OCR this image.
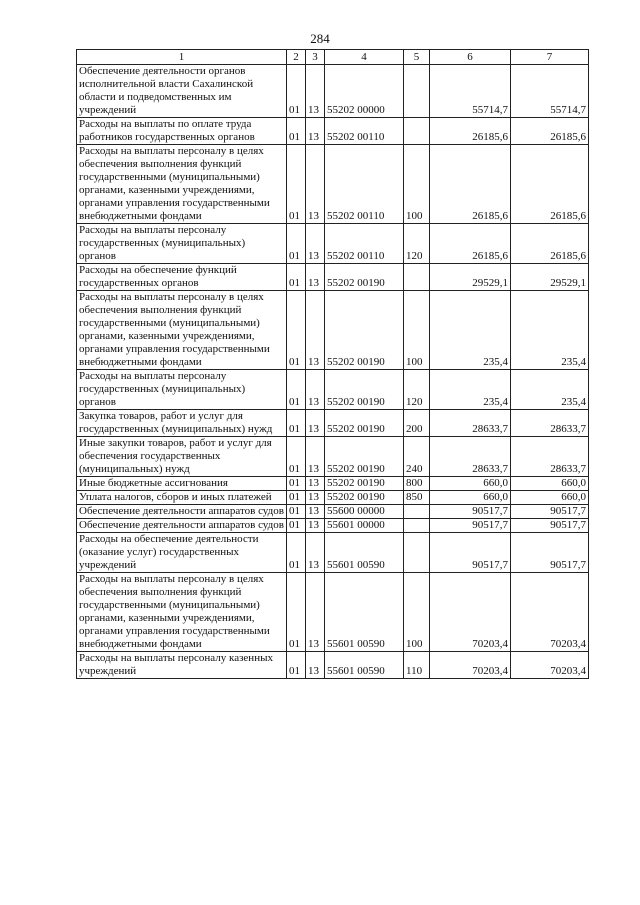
284
1	2	3	4	5	6	7
Обеспечение деятельности органов исполнительной власти Сахалинской области и подведомственных им учреждений	01	13	55202 00000		55714,7	55714,7
Расходы на выплаты по оплате труда работников государственных органов	01	13	55202 00110		26185,6	26185,6
Расходы на выплаты персоналу в целях обеспечения выполнения функций государственными (муниципальными) органами, казенными учреждениями, органами управления государственными внебюджетными фондами	01	13	55202 00110	100	26185,6	26185,6
Расходы на выплаты персоналу государственных (муниципальных) органов	01	13	55202 00110	120	26185,6	26185,6
Расходы на обеспечение функций государственных органов	01	13	55202 00190		29529,1	29529,1
Расходы на выплаты персоналу в целях обеспечения выполнения функций государственными (муниципальными) органами, казенными учреждениями, органами управления государственными внебюджетными фондами	01	13	55202 00190	100	235,4	235,4
Расходы на выплаты персоналу государственных (муниципальных) органов	01	13	55202 00190	120	235,4	235,4
Закупка товаров, работ и услуг для государственных (муниципальных) нужд	01	13	55202 00190	200	28633,7	28633,7
Иные закупки товаров, работ и услуг для обеспечения государственных (муниципальных) нужд	01	13	55202 00190	240	28633,7	28633,7
Иные бюджетные ассигнования	01	13	55202 00190	800	660,0	660,0
Уплата налогов, сборов и иных платежей	01	13	55202 00190	850	660,0	660,0
Обеспечение деятельности аппаратов судов	01	13	55600 00000		90517,7	90517,7
Обеспечение деятельности аппаратов судов	01	13	55601 00000		90517,7	90517,7
Расходы на обеспечение деятельности (оказание услуг) государственных учреждений	01	13	55601 00590		90517,7	90517,7
Расходы на выплаты персоналу в целях обеспечения выполнения функций государственными (муниципальными) органами, казенными учреждениями, органами управления государственными внебюджетными фондами	01	13	55601 00590	100	70203,4	70203,4
Расходы на выплаты персоналу казенных учреждений	01	13	55601 00590	110	70203,4	70203,4
